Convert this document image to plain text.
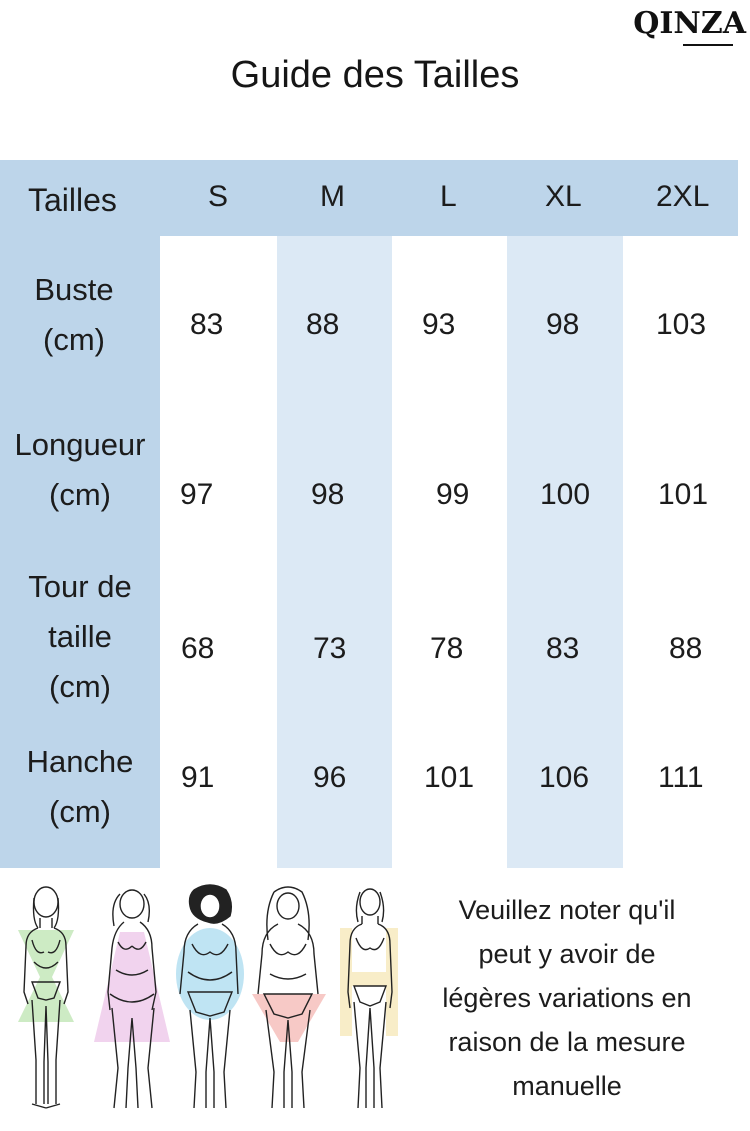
QINZA
Guide des Tailles
Tailles	S	M	L	XL 2XL
Buste
(cm)	83	88	93	98	103
Longueur
(cm)	97	98	99 100 101
Tour de
taille
(cm)
68	73	78	83	88
Hanche
(cm)
91	96	101 106 111
Veuillez noter qu'il
peut y avoir de
légères variations en
raison de la mesure
manuelle
